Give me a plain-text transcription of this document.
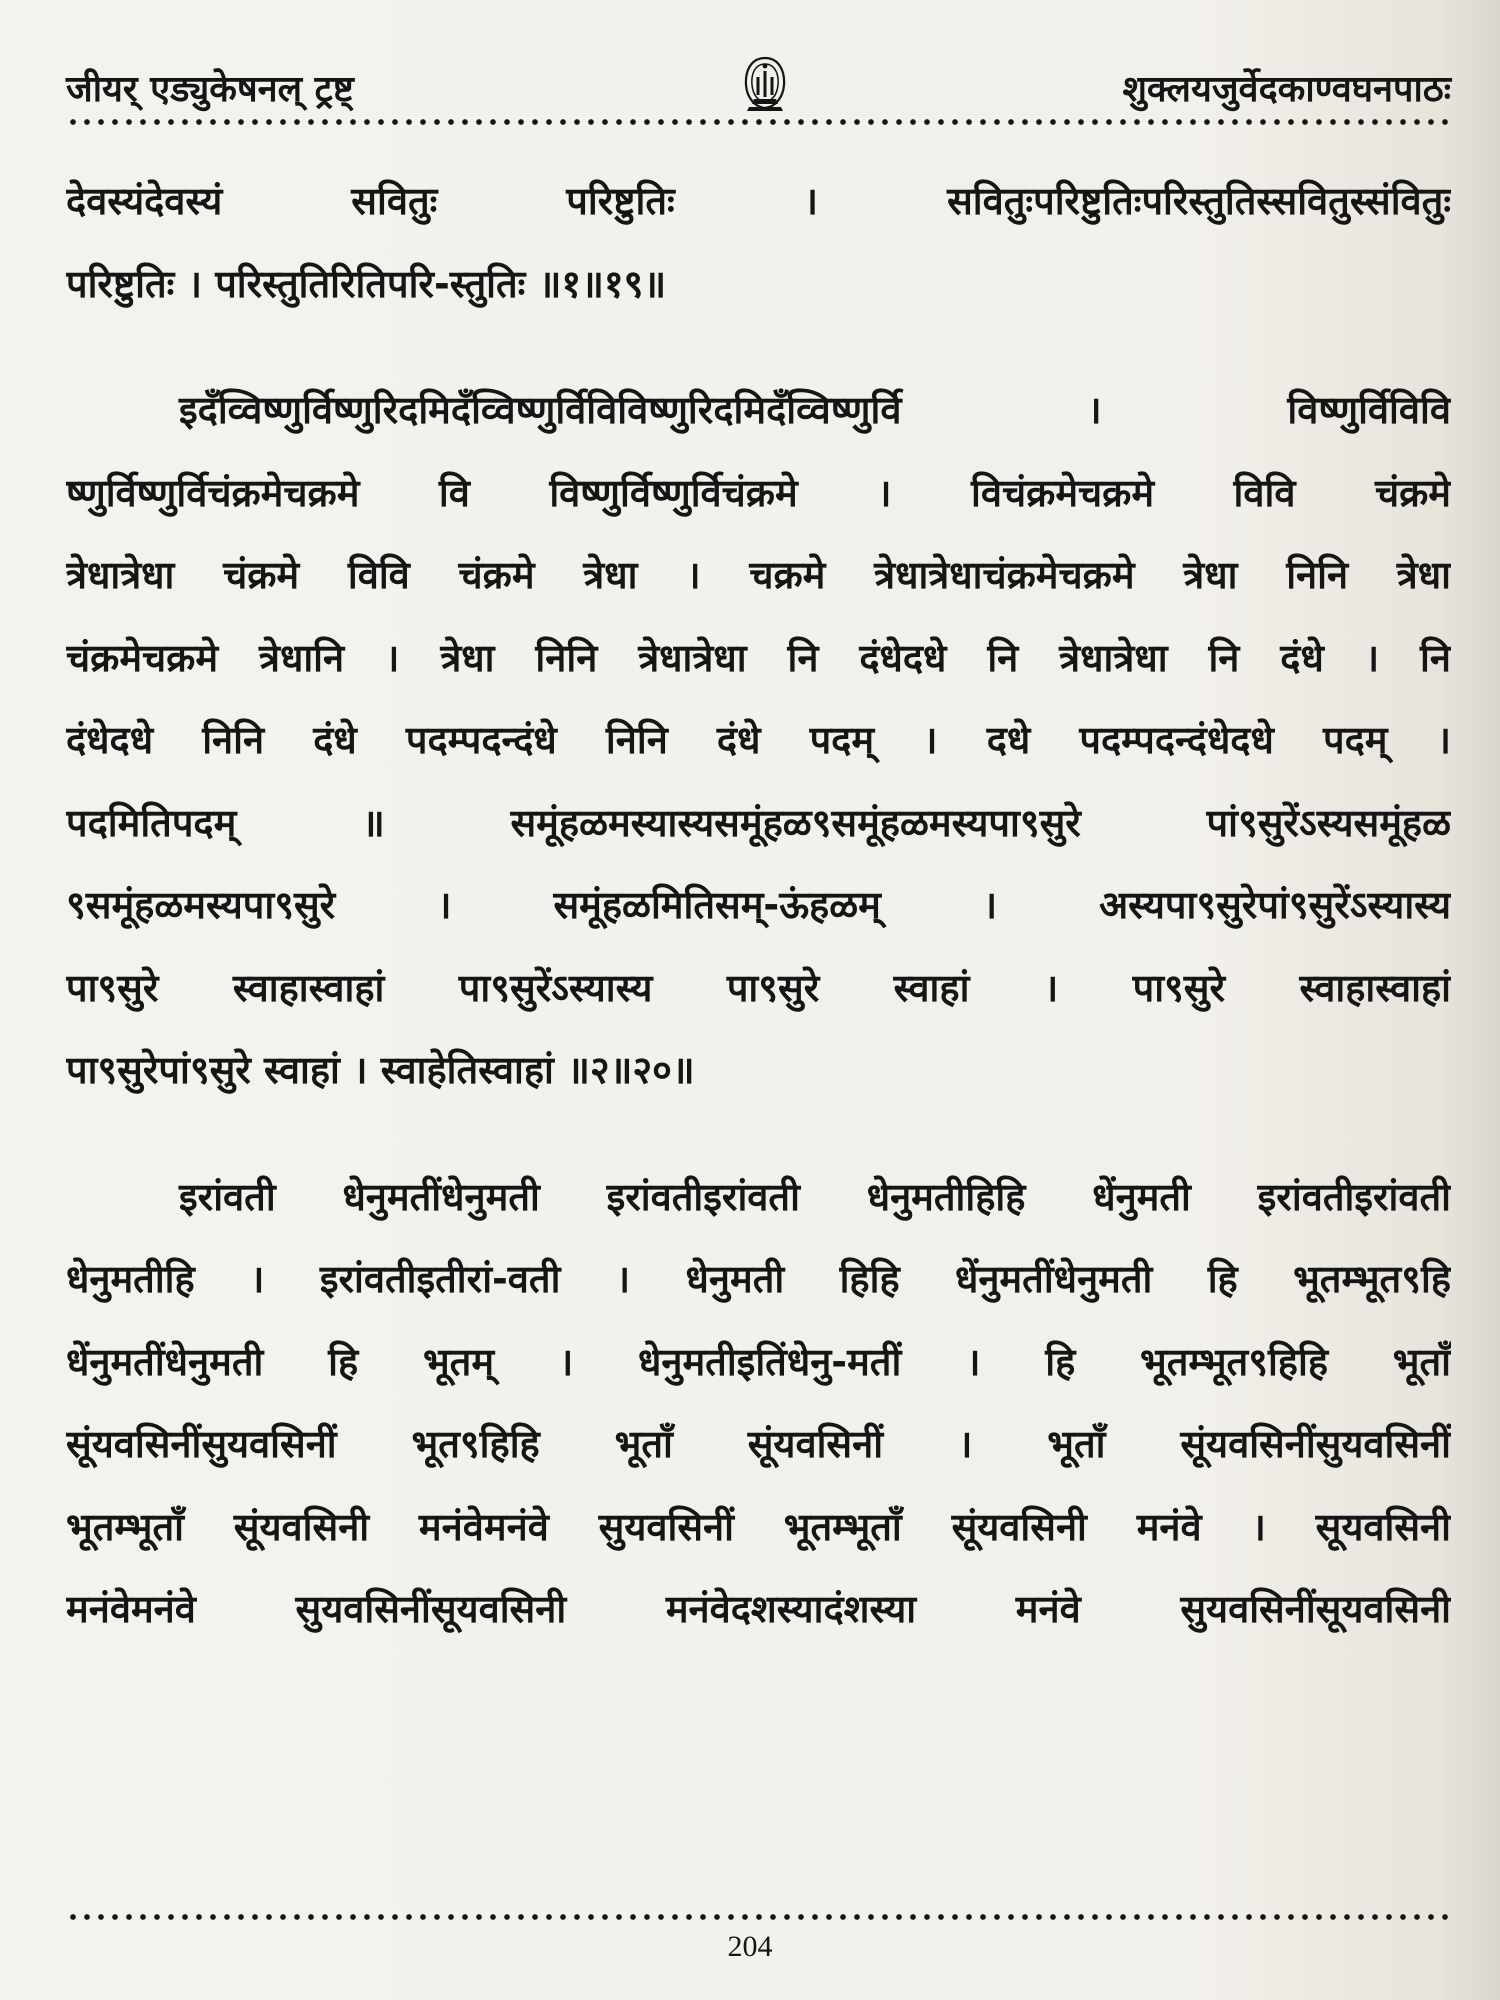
जीयर् एड्युकेषनल् ट्रष्ट्	शुक्लयजुर्वेदकाण्वघनपाठः
देवस्यंदेवस्यं सवितुः परिष्टुतिः । सवितुःपरिष्टुतिःपरिस्तुतिस्सवितुस्संवितुः
परिष्टुतिः । परिस्तुतिरितिपरि-स्तुतिः ॥१॥१९॥
इदँव्विष्णुर्विष्णुरिदमिदँव्विष्णुर्विविविष्णुरिदमिदँव्विष्णुर्वि । विष्णुर्विविवि
ष्णुर्विष्णुर्विचंक्रमेचक्रमे वि विष्णुर्विष्णुर्विचंक्रमे । विचंक्रमेचक्रमे विवि चंक्रमे
त्रेधात्रेधा चंक्रमे विवि चंक्रमे त्रेधा । चक्रमे त्रेधात्रेधाचंक्रमेचक्रमे त्रेधा निनि त्रेधा
चंक्रमेचक्रमे त्रेधानि । त्रेधा निनि त्रेधात्रेधा नि दंधेदधे नि त्रेधात्रेधा नि दंधे । नि
दंधेदधे निनि दंधे पदम्पदन्दंधे निनि दंधे पदम् । दधे पदम्पदन्दंधेदधे पदम् ।
पदमितिपदम् ॥ समूंहळमस्यास्यसमूंहळ९समूंहळमस्यपा९सुरे पां९सुरेंऽस्यसमूंहळ
९समूंहळमस्यपा९सुरे । समूंहळमितिसम्-ऊंहळम् । अस्यपा९सुरेपां९सुरेंऽस्यास्य
पा९सुरे स्वाहास्वाहां पा९सुरेंऽस्यास्य पा९सुरे स्वाहां । पा९सुरे स्वाहास्वाहां
पा९सुरेपां९सुरे स्वाहां । स्वाहेतिस्वाहां ॥२॥२०॥
इरांवती धेनुमतींधेनुमती इरांवतीइरांवती धेनुमतीहिहि धेंनुमती इरांवतीइरांवती
धेनुमतीहि । इरांवतीइतीरां-वती । धेनुमती हिहि धेंनुमतींधेनुमती हि भूतम्भूत९हि
धेंनुमतींधेनुमती हि भूतम् । धेनुमतीइतिंधेनु-मतीं । हि भूतम्भूत९हिहि भूताँ
सूंयवसिनींसुयवसिनीं भूत९हिहि भूताँ सूंयवसिनीं । भूताँ सूंयवसिनींसुयवसिनीं
भूतम्भूताँ सूंयवसिनी मनंवेमनंवे सुयवसिनीं भूतम्भूताँ सूंयवसिनी मनंवे । सूयवसिनी
मनंवेमनंवे सुयवसिनींसूयवसिनी मनंवेदशस्यादंशस्या मनंवे सुयवसिनींसूयवसिनी
204
